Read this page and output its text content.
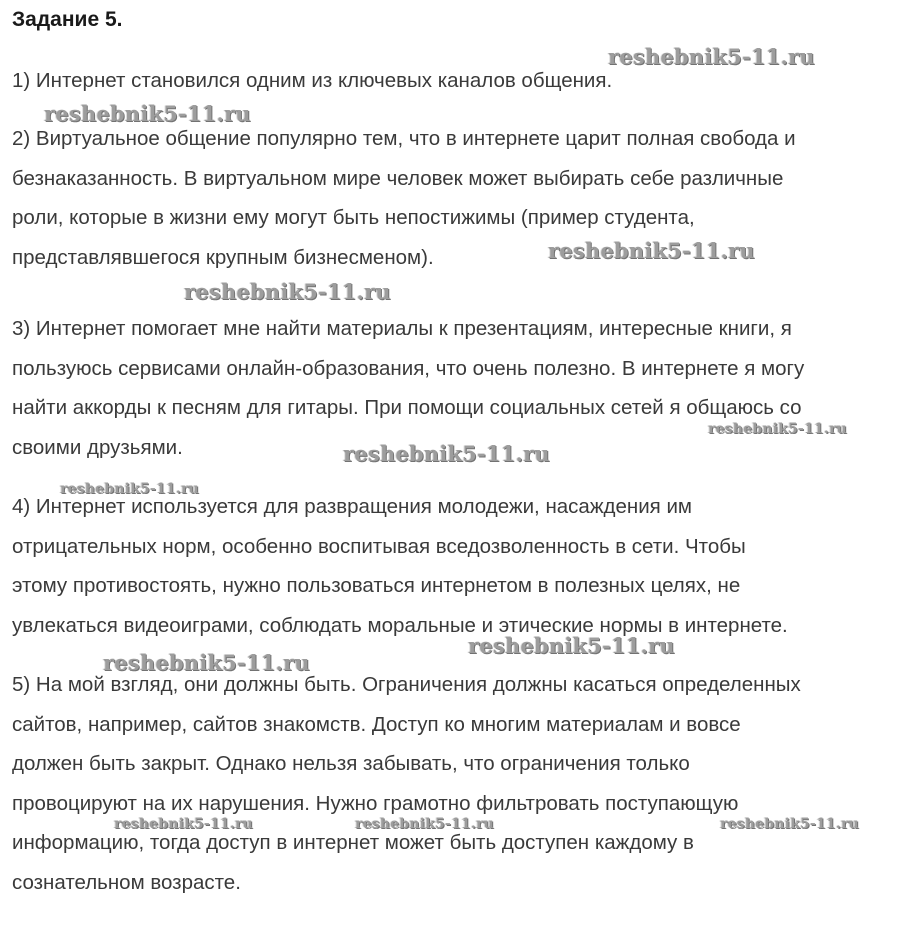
Задание 5.
1) Интернет становился одним из ключевых каналов общения.
2) Виртуальное общение популярно тем, что в интернете царит полная свобода и
безнаказанность. В виртуальном мире человек может выбирать себе различные
роли, которые в жизни ему могут быть непостижимы (пример студента,
представлявшегося крупным бизнесменом).
3) Интернет помогает мне найти материалы к презентациям, интересные книги, я
пользуюсь сервисами онлайн-образования, что очень полезно. В интернете я могу
найти аккорды к песням для гитары. При помощи социальных сетей я общаюсь со
своими друзьями.
4) Интернет используется для развращения молодежи, насаждения им
отрицательных норм, особенно воспитывая вседозволенность в сети. Чтобы
этому противостоять, нужно пользоваться интернетом в полезных целях, не
увлекаться видеоиграми, соблюдать моральные и этические нормы в интернете.
5) На мой взгляд, они должны быть. Ограничения должны касаться определенных
сайтов, например, сайтов знакомств. Доступ ко многим материалам и вовсе
должен быть закрыт. Однако нельзя забывать, что ограничения только
провоцируют на их нарушения. Нужно грамотно фильтровать поступающую
информацию, тогда доступ в интернет может быть доступен каждому в
сознательном возрасте.
reshebnik5-11.ru
reshebnik5-11.ru
reshebnik5-11.ru
reshebnik5-11.ru
reshebnik5-11.ru
reshebnik5-11.ru
reshebnik5-11.ru
reshebnik5-11.ru
reshebnik5-11.ru
reshebnik5-11.ru	reshebnik5-11.ru	reshebnik5-11.ru
